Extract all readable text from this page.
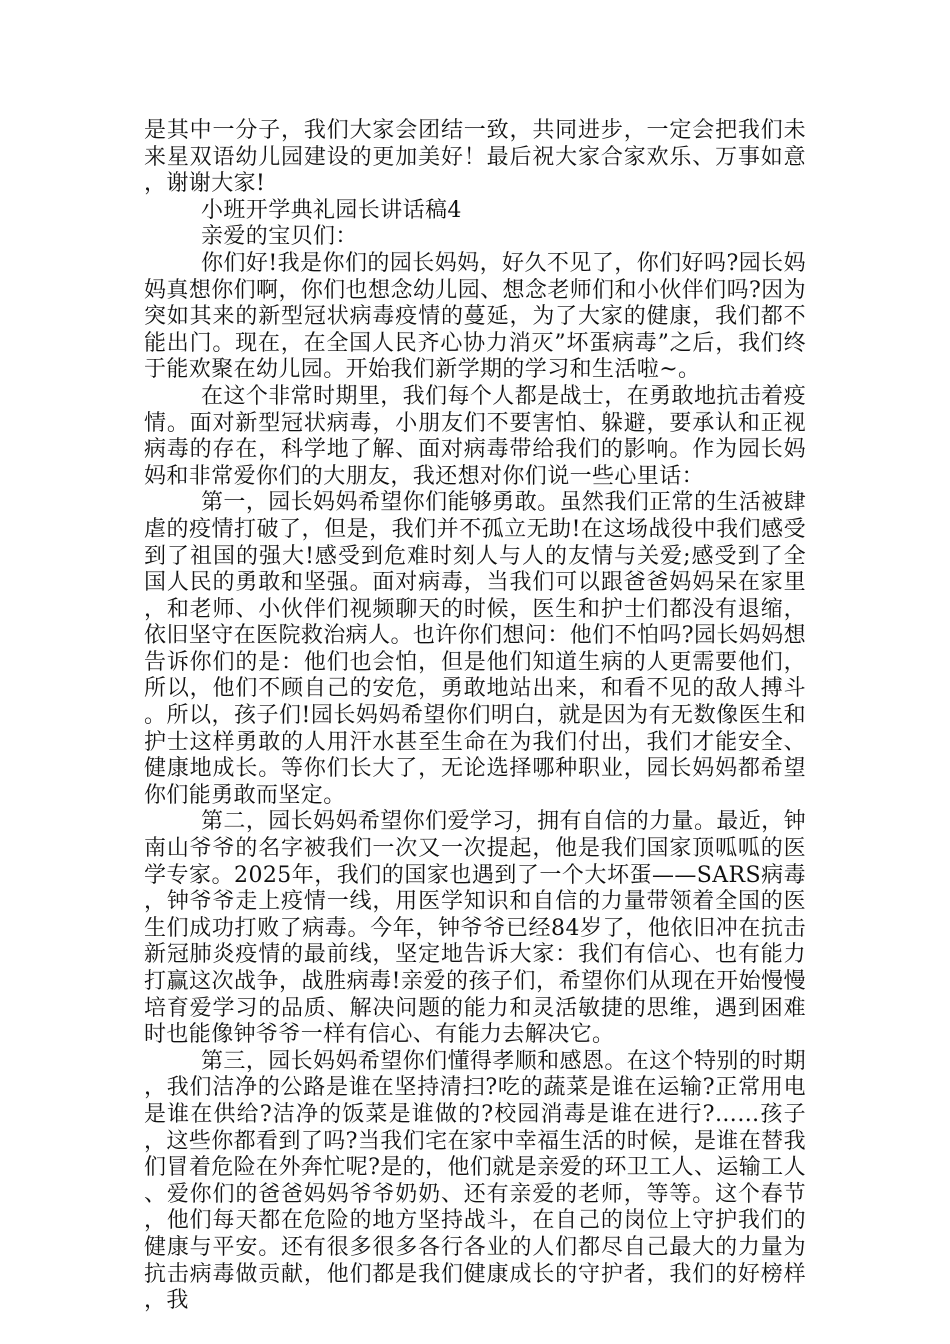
是其中一分子，我们大家会团结一致，共同进步，一定会把我们未来星双语幼儿园建设的更加美好！最后祝大家合家欢乐、万事如意，谢谢大家!

小班开学典礼园长讲话稿4

亲爱的宝贝们：

你们好!我是你们的园长妈妈，好久不见了，你们好吗?园长妈妈真想你们啊，你们也想念幼儿园、想念老师们和小伙伴们吗?因为突如其来的新型冠状病毒疫情的蔓延，为了大家的健康，我们都不能出门。现在，在全国人民齐心协力消灭”坏蛋病毒”之后，我们终于能欢聚在幼儿园。开始我们新学期的学习和生活啦~。

在这个非常时期里，我们每个人都是战士，在勇敢地抗击着疫情。面对新型冠状病毒，小朋友们不要害怕、躲避，要承认和正视病毒的存在，科学地了解、面对病毒带给我们的影响。作为园长妈妈和非常爱你们的大朋友，我还想对你们说一些心里话：

第一，园长妈妈希望你们能够勇敢。虽然我们正常的生活被肆虐的疫情打破了，但是，我们并不孤立无助!在这场战役中我们感受到了祖国的强大!感受到危难时刻人与人的友情与关爱;感受到了全国人民的勇敢和坚强。面对病毒，当我们可以跟爸爸妈妈呆在家里，和老师、小伙伴们视频聊天的时候，医生和护士们都没有退缩，依旧坚守在医院救治病人。也许你们想问：他们不怕吗?园长妈妈想告诉你们的是：他们也会怕，但是他们知道生病的人更需要他们，所以，他们不顾自己的安危，勇敢地站出来，和看不见的敌人搏斗。所以，孩子们!园长妈妈希望你们明白，就是因为有无数像医生和护士这样勇敢的人用汗水甚至生命在为我们付出，我们才能安全、健康地成长。等你们长大了，无论选择哪种职业，园长妈妈都希望你们能勇敢而坚定。

第二，园长妈妈希望你们爱学习，拥有自信的力量。最近，钟南山爷爷的名字被我们一次又一次提起，他是我们国家顶呱呱的医学专家。2025年，我们的国家也遇到了一个大坏蛋——SARS病毒，钟爷爷走上疫情一线，用医学知识和自信的力量带领着全国的医生们成功打败了病毒。今年，钟爷爷已经84岁了，他依旧冲在抗击新冠肺炎疫情的最前线，坚定地告诉大家：我们有信心、也有能力打赢这次战争，战胜病毒!亲爱的孩子们，希望你们从现在开始慢慢培育爱学习的品质、解决问题的能力和灵活敏捷的思维，遇到困难时也能像钟爷爷一样有信心、有能力去解决它。

第三，园长妈妈希望你们懂得孝顺和感恩。在这个特别的时期，我们洁净的公路是谁在坚持清扫?吃的蔬菜是谁在运输?正常用电是谁在供给?洁净的饭菜是谁做的?校园消毒是谁在进行?……孩子，这些你都看到了吗?当我们宅在家中幸福生活的时候，是谁在替我们冒着危险在外奔忙呢?是的，他们就是亲爱的环卫工人、运输工人、爱你们的爸爸妈妈爷爷奶奶、还有亲爱的老师，等等。这个春节，他们每天都在危险的地方坚持战斗，在自己的岗位上守护我们的健康与平安。还有很多很多各行各业的人们都尽自己最大的力量为抗击病毒做贡献，他们都是我们健康成长的守护者，我们的好榜样，我
